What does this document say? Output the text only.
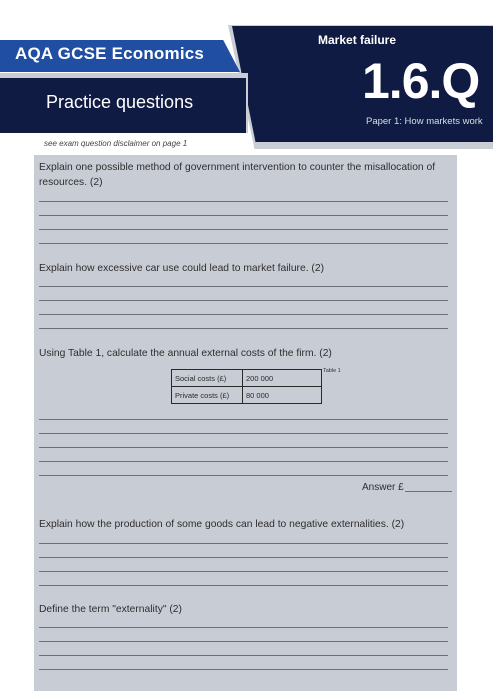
AQA GCSE Economics
Practice questions
Market failure
1.6.Q
Paper 1: How markets work
see exam question disclaimer on page 1
Explain one possible method of government intervention to counter the misallocation of resources. (2)
Explain how excessive car use could lead to market failure. (2)
Using Table 1, calculate the annual external costs of the firm. (2)
Social costs (£)	200 000
Private costs (£)	80 000
Table 1
Answer £
Explain how the production of some goods can lead to negative externalities. (2)
Define the term "externality" (2)
